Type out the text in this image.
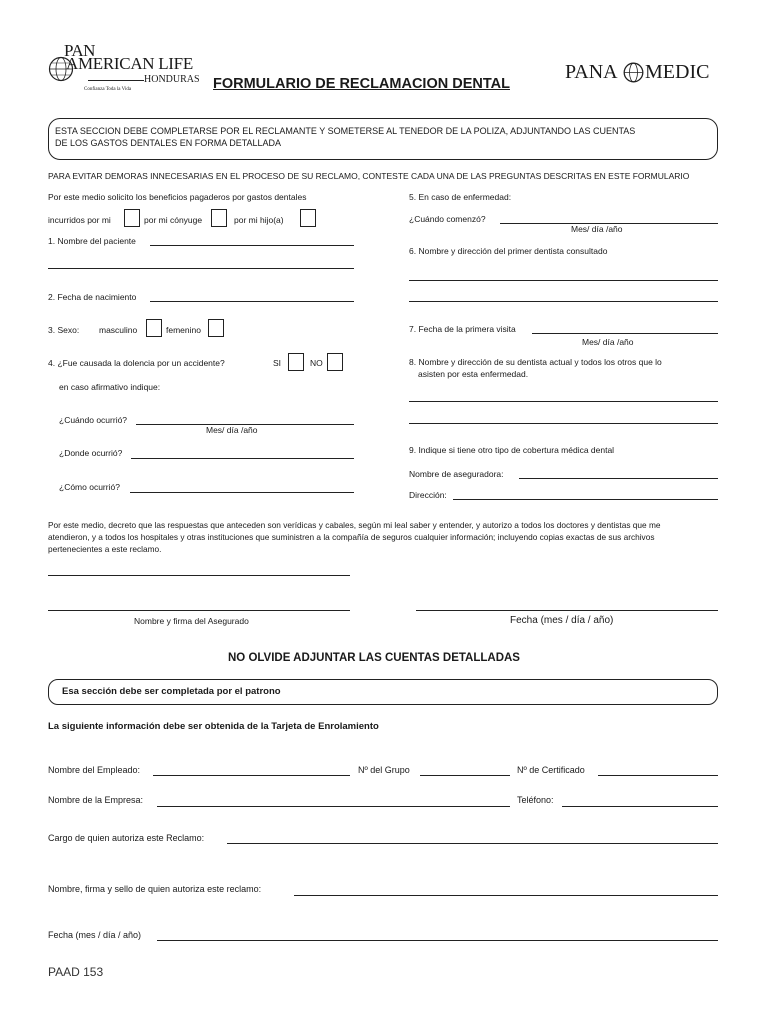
PAN
AMERICAN LIFE
HONDURAS
Confianza Toda la Vida	FORMULARIO DE RECLAMACION DENTAL
PANA MEDIC
ESTA SECCION DEBE COMPLETARSE POR EL RECLAMANTE Y SOMETERSE AL TENEDOR DE LA POLIZA, ADJUNTANDO LAS CUENTAS
DE LOS GASTOS DENTALES EN FORMA DETALLADA
PARA EVITAR DEMORAS INNECESARIAS EN EL PROCESO DE SU RECLAMO, CONTESTE CADA UNA DE LAS PREGUNTAS DESCRITAS EN ESTE FORMULARIO
Por este medio solicito los beneficios pagaderos por gastos dentales
incurridos por mi	por mi cónyuge	por mi hijo(a)
1. Nombre del paciente
2. Fecha de nacimiento
3. Sexo: masculino	femenino
4. ¿Fue causada la dolencia por un accidente?	SI	NO
en caso afirmativo indique:
¿Cuándo ocurrió?
Mes/ día /año
¿Donde ocurrió?
¿Cómo ocurrió?
5. En caso de enfermedad:
¿Cuándo comenzó?
Mes/ día /año
6. Nombre y dirección del primer dentista consultado
7. Fecha de la primera visita
Mes/ día /año
8. Nombre y dirección de su dentista actual y todos los otros que lo
asisten por esta enfermedad.
9. Indique si tiene otro tipo de cobertura médica dental
Nombre de aseguradora:
Dirección:
Por este medio, decreto que las respuestas que anteceden son verídicas y cabales, según mi leal saber y entender, y autorizo a todos los doctores y dentistas que me
atendieron, y a todos los hospitales y otras instituciones que suministren a la compañía de seguros cualquier información; incluyendo copias exactas de sus archivos
pertenecientes a este reclamo.
Nombre y firma del Asegurado	Fecha (mes / día / año)
NO OLVIDE ADJUNTAR LAS CUENTAS DETALLADAS
Esa sección debe ser completada por el patrono
La siguiente información debe ser obtenida de la Tarjeta de Enrolamiento
Nombre del Empleado:	Nº del Grupo	Nº de Certificado
Nombre de la Empresa:	Teléfono:
Cargo de quien autoriza este Reclamo:
Nombre, firma y sello de quien autoriza este reclamo:
Fecha (mes / día / año)
PAAD 153
